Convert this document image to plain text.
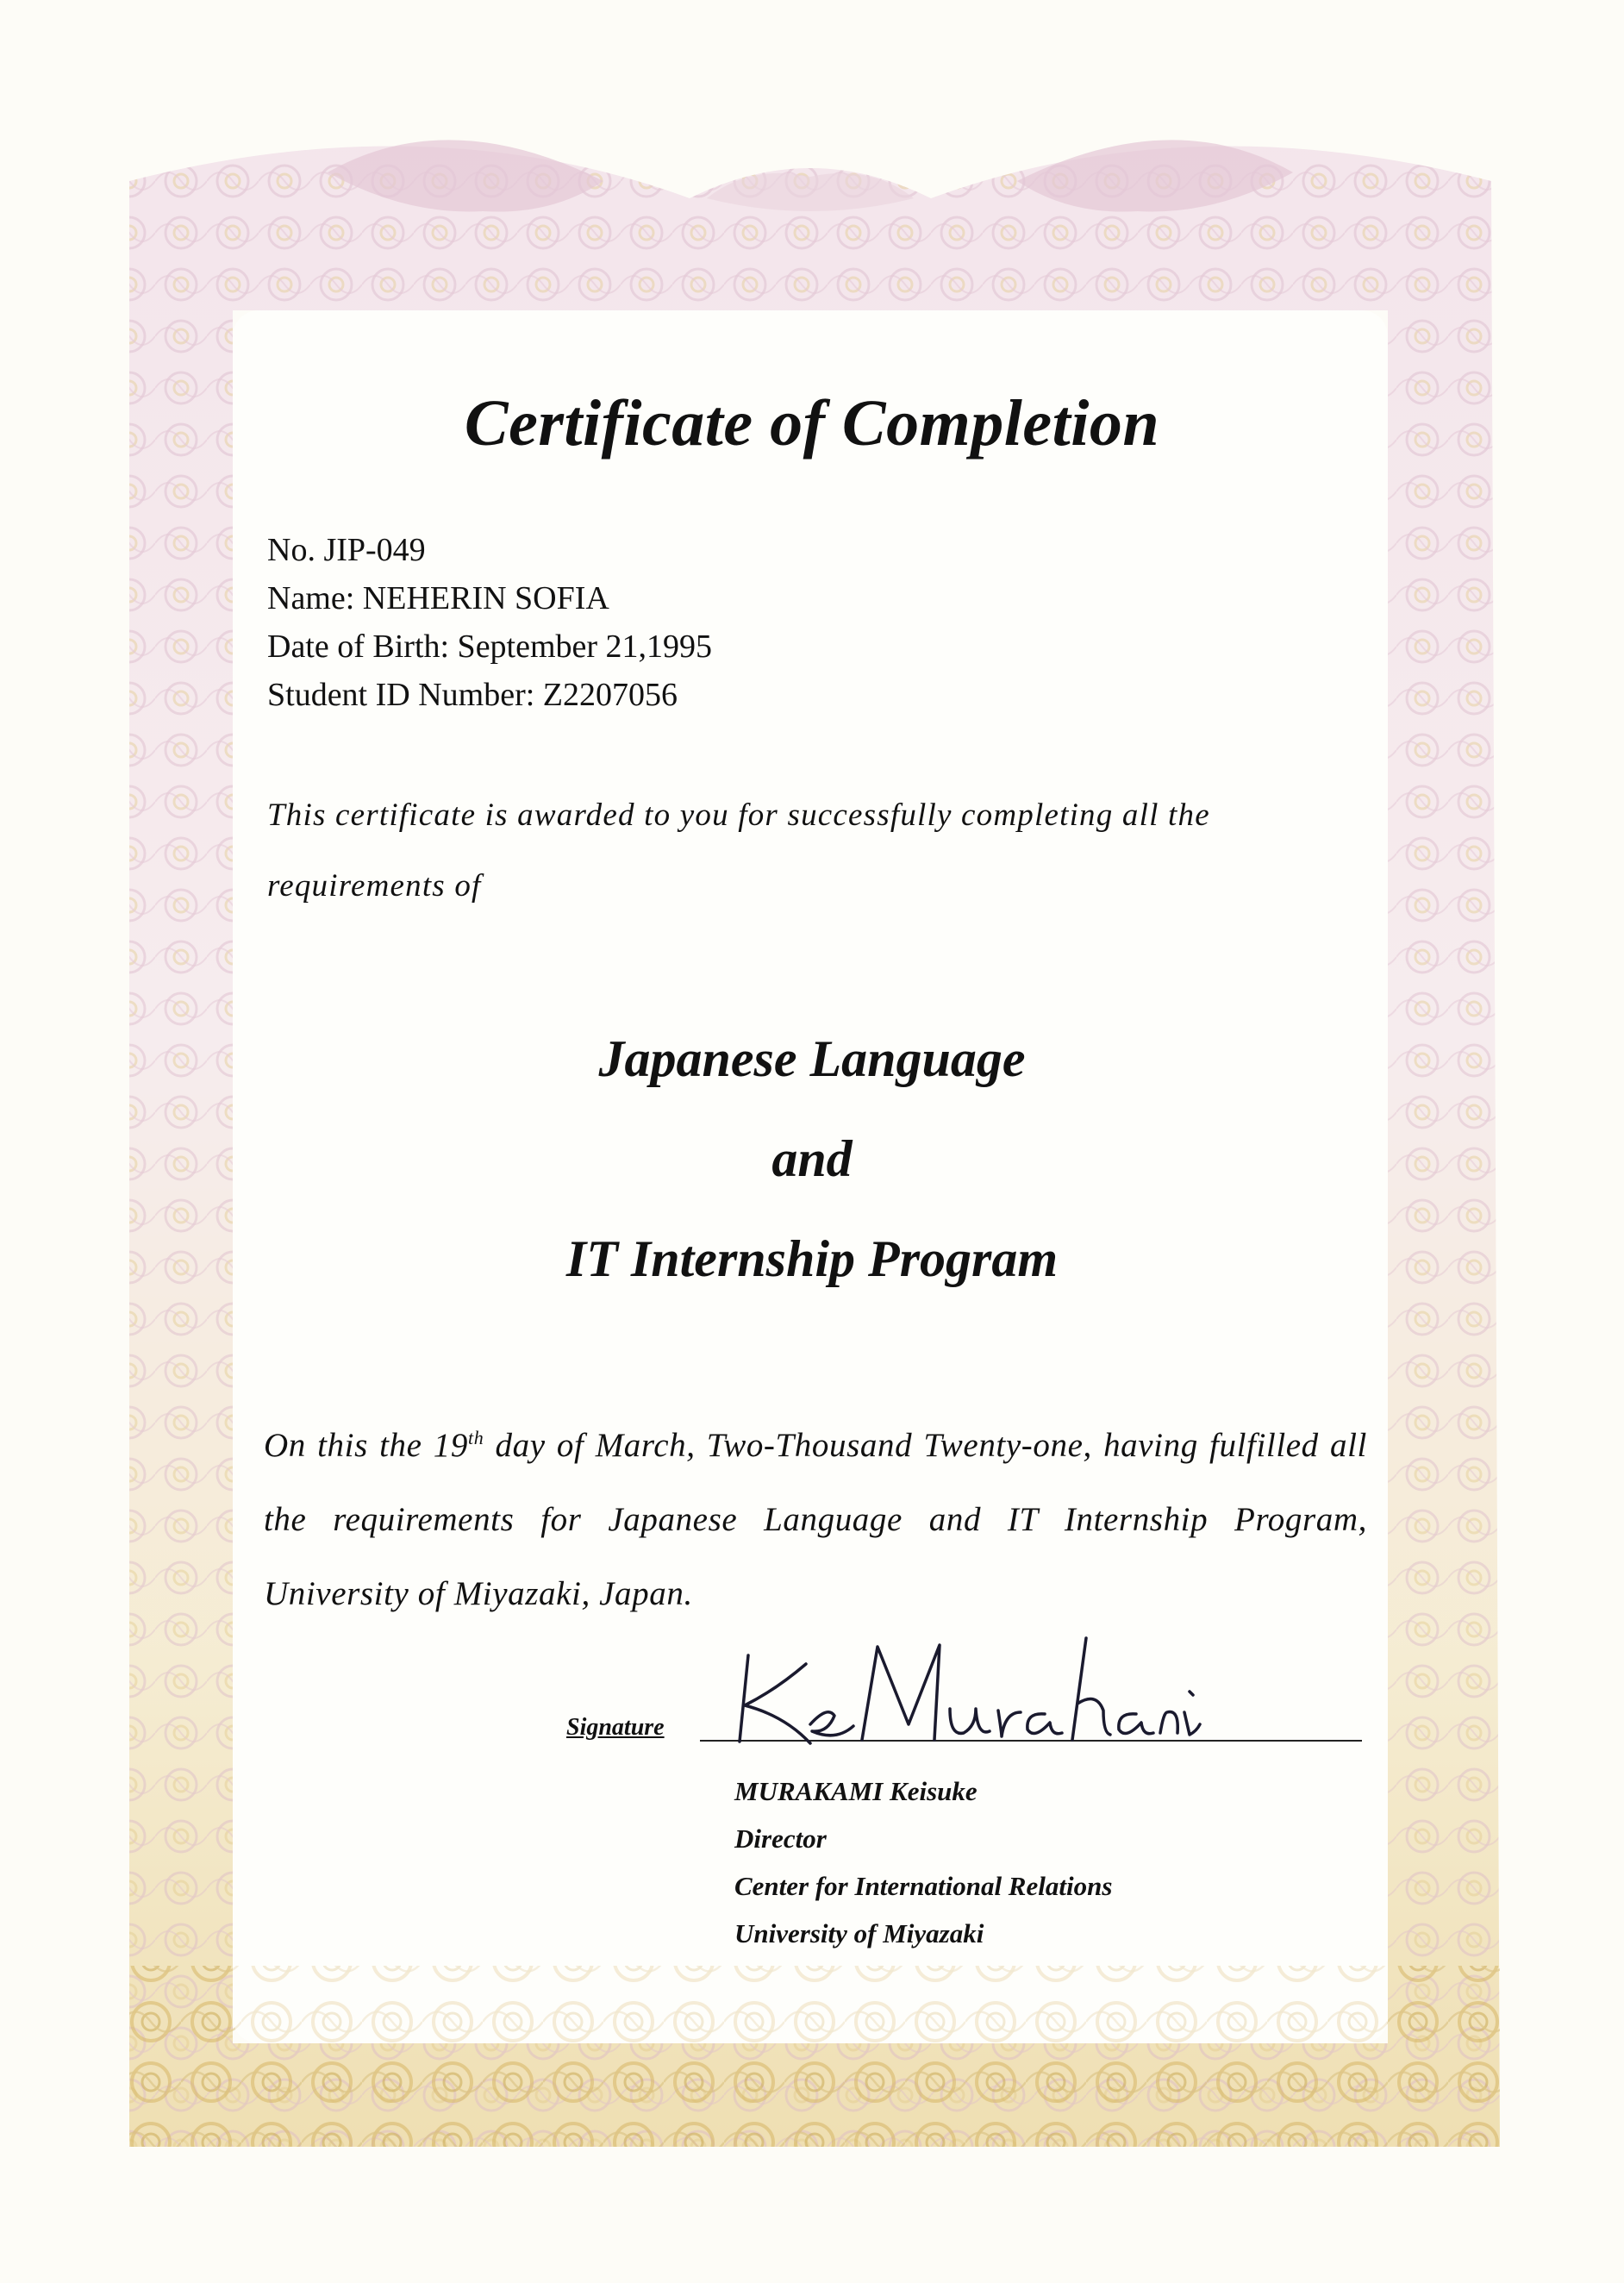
Certificate of Completion
No. JIP-049
Name: NEHERIN SOFIA
Date of Birth: September 21,1995
Student ID Number: Z2207056
This certificate is awarded to you for successfully completing all the requirements of
Japanese Language
and
IT Internship Program
On this the 19th day of March, Two-Thousand Twenty-one, having fulfilled all the requirements for Japanese Language and IT Internship Program, University of Miyazaki, Japan.
Signature
MURAKAMI Keisuke
Director
Center for International Relations
University of Miyazaki
